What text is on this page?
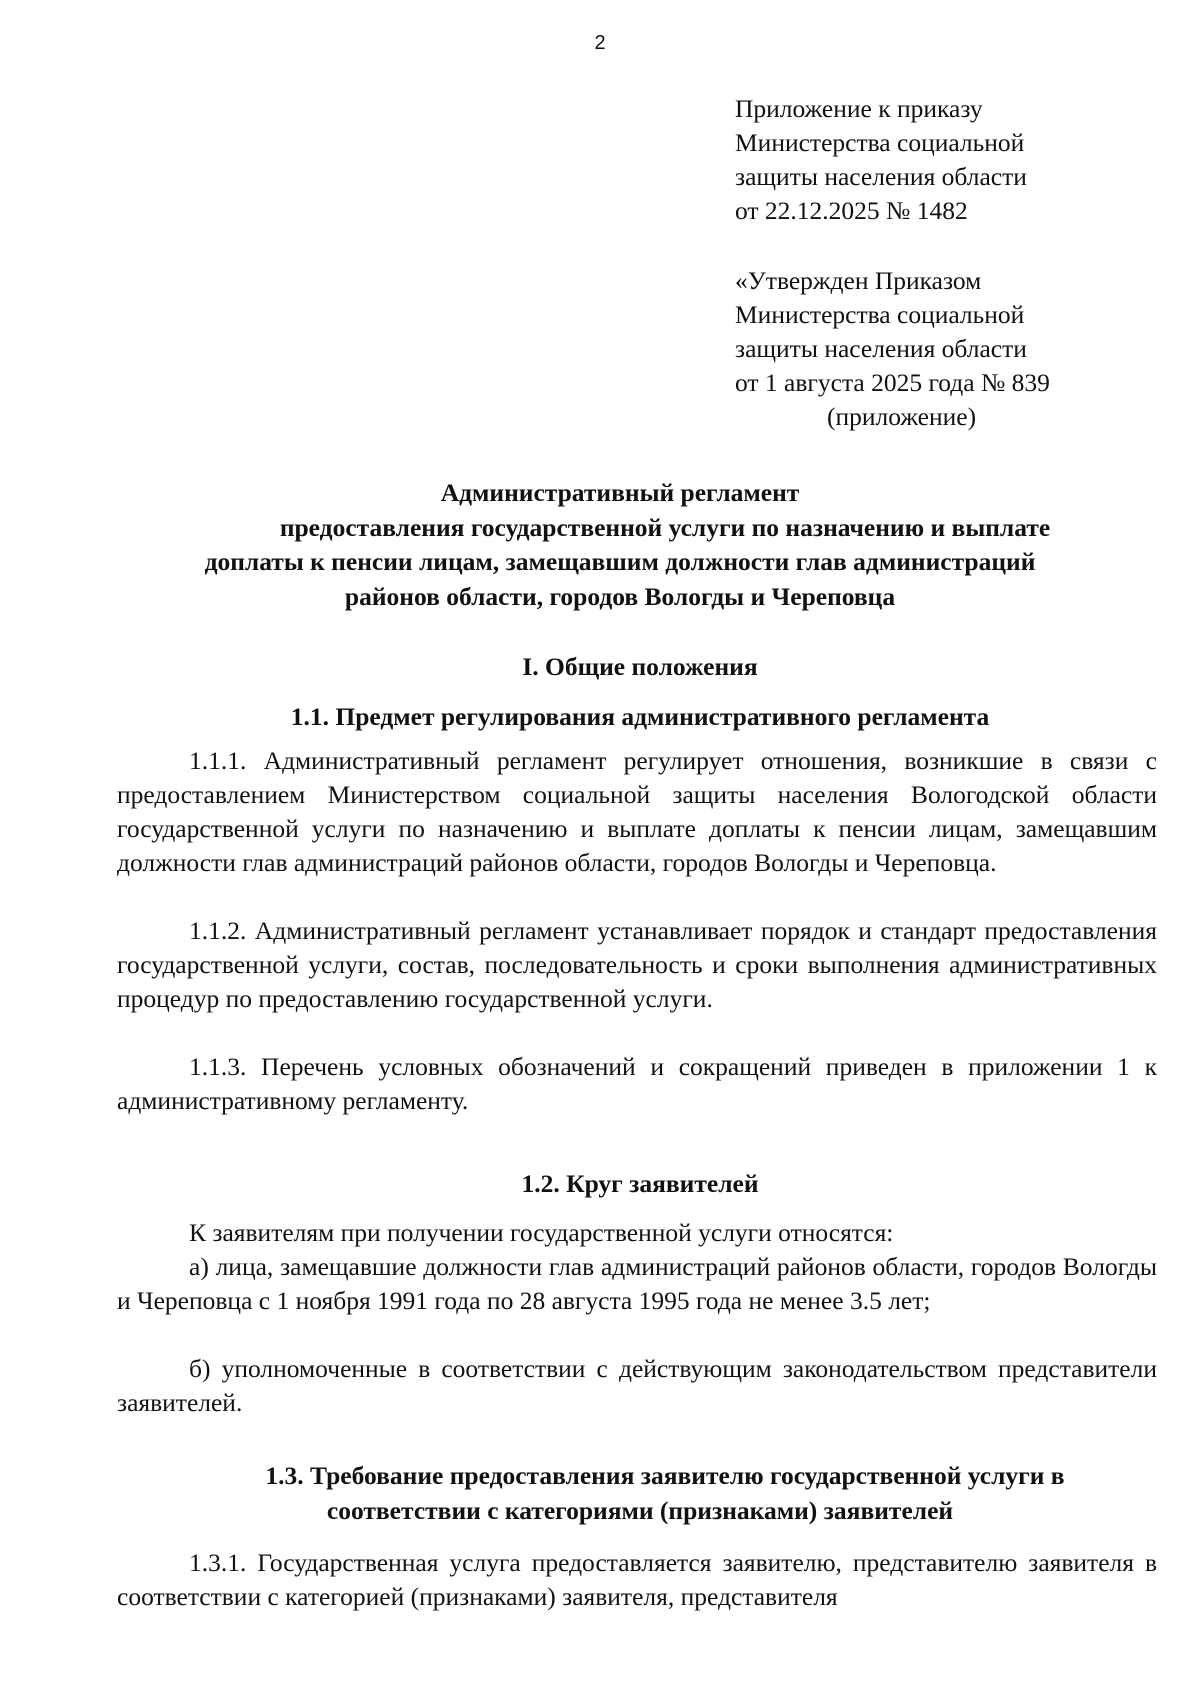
2
Приложение к приказу
Министерства социальной
защиты населения области
от 22.12.2025 № 1482
«Утвержден Приказом
Министерства социальной
защиты населения области
от 1 августа 2025 года № 839
(приложение)
Административный регламент
предоставления государственной услуги по назначению и выплате
доплаты к пенсии лицам, замещавшим должности глав администраций
районов области, городов Вологды и Череповца
I. Общие положения
1.1. Предмет регулирования административного регламента

1.1.1. Административный регламент регулирует отношения, возникшие в связи с предоставлением Министерством социальной защиты населения Вологодской области государственной услуги по назначению и выплате доплаты к пенсии лицам, замещавшим должности глав администраций районов области, городов Вологды и Череповца.

1.1.2. Административный регламент устанавливает порядок и стандарт предоставления государственной услуги, состав, последовательность и сроки выполнения административных процедур по предоставлению государственной услуги.

1.1.3. Перечень условных обозначений и сокращений приведен в приложении 1 к административному регламенту.

1.2. Круг заявителей

К заявителям при получении государственной услуги относятся:

а) лица, замещавшие должности глав администраций районов области, городов Вологды и Череповца с 1 ноября 1991 года по 28 августа 1995 года не менее 3.5 лет;

б) уполномоченные в соответствии с действующим законодательством представители заявителей.

1.3. Требование предоставления заявителю государственной услуги в
соответствии с категориями (признаками) заявителей

1.3.1. Государственная услуга предоставляется заявителю, представителю заявителя в соответствии с категорией (признаками) заявителя, представителя
